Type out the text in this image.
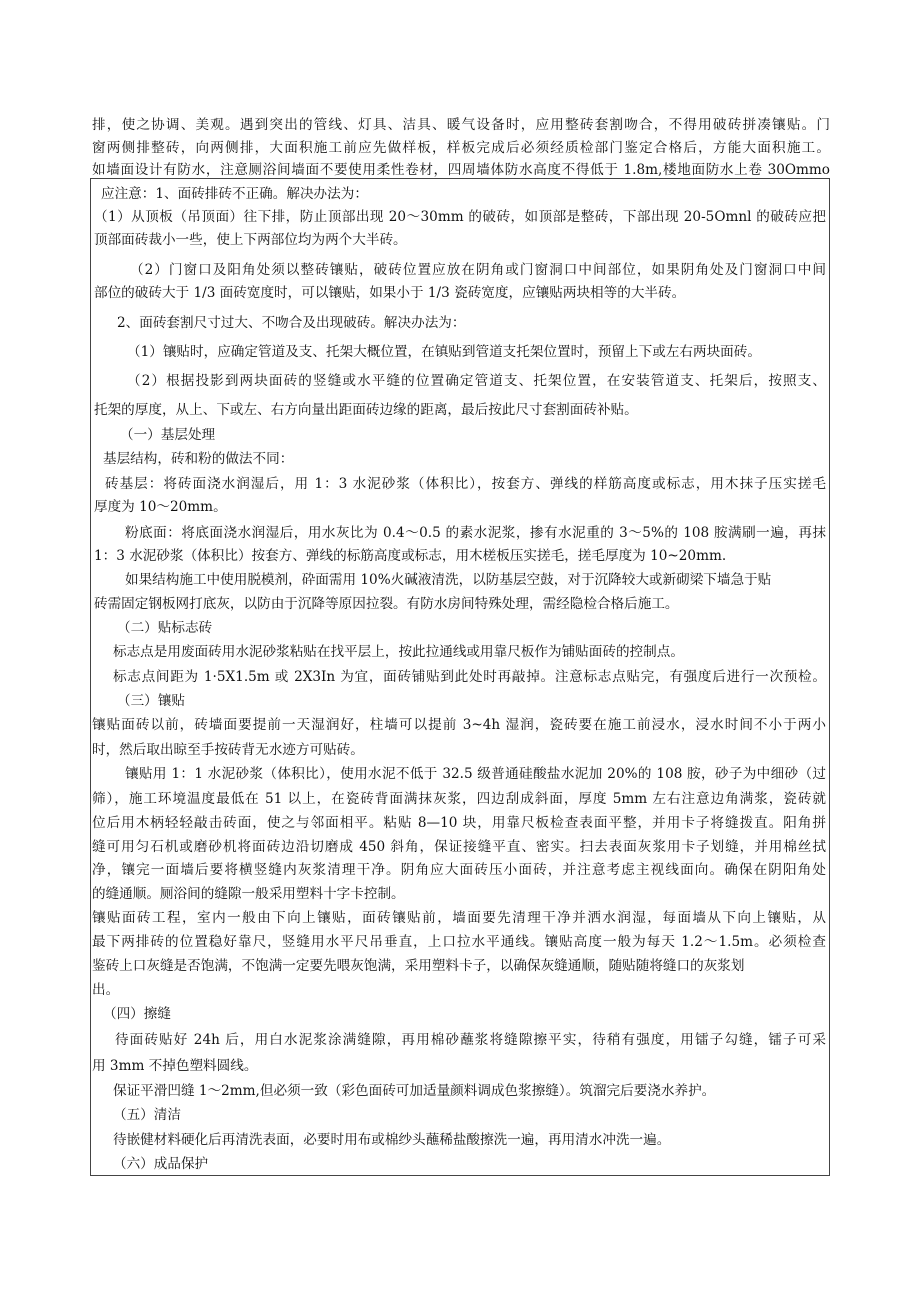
排，使之协调、美观。遇到突出的管线、灯具、洁具、暖气设备时，应用整砖套割吻合，不得用破砖拼凑镶贴。门
窗两侧排整砖，向两侧排，大面积施工前应先做样板，样板完成后必须经质检部门鉴定合格后，方能大面积施工。
如墙面设计有防水，注意厕浴间墙面不要使用柔性卷材，四周墙体防水高度不得低于 1.8m,楼地面防水上卷 30Ommo
应注意：1、面砖排砖不正确。解决办法为：
（1）从顶板（吊顶面）往下排，防止顶部出现 20～30mm 的破砖，如顶部是整砖，下部出现 20-5Omnl 的破砖应把
顶部面砖裁小一些，使上下两部位均为两个大半砖。
（2）门窗口及阳角处须以整砖镶贴，破砖位置应放在阴角或门窗洞口中间部位，如果阴角处及门窗洞口中间
部位的破砖大于 1/3 面砖宽度时，可以镶贴，如果小于 1/3 瓷砖宽度，应镶贴两块相等的大半砖。
2、面砖套割尺寸过大、不吻合及出现破砖。解决办法为：
（1）镶贴时，应确定管道及支、托架大概位置，在镇贴到管道支托架位置时，预留上下或左右两块面砖。
（2）根据投影到两块面砖的竖缝或水平缝的位置确定管道支、托架位置，在安装管道支、托架后，按照支、
托架的厚度，从上、下或左、右方向量出距面砖边缘的距离，最后按此尺寸套割面砖补贴。
（一）基层处理
基层结构，砖和粉的做法不同：
砖基层：将砖面浇水润湿后，用 1：3 水泥砂浆（体积比），按套方、弹线的样筋高度或标志，用木抹子压实搓毛
厚度为 10～20mm。
粉底面：将底面浇水润湿后，用水灰比为 0.4～0.5 的素水泥浆，掺有水泥重的 3～5%的 108 胺满刷一遍，再抹
1：3 水泥砂浆（体积比）按套方、弹线的标筋高度或标志，用木槎板压实搓毛，搓毛厚度为 10~20mm.
如果结构施工中使用脱模剂，砕面需用 10%火碱液清洗，以防基层空鼓，对于沉降较大或新砌梁下墙急于贴
砖需固定钢板网打底灰，以防由于沉降等原因拉裂。有防水房间特殊处理，需经隐检合格后施工。
（二）贴标志砖
标志点是用废面砖用水泥砂浆粘贴在找平层上，按此拉通线或用靠尺板作为铺贴面砖的控制点。
标志点间距为 1·5X1.5m 或 2X3In 为宜，面砖铺贴到此处时再敲掉。注意标志点贴完，有强度后进行一次预检。
（三）镶贴
镶贴面砖以前，砖墙面要提前一天湿润好，柱墙可以提前 3~4h 湿润，瓷砖要在施工前浸水，浸水时间不小于两小
时，然后取出晾至手按砖背无水迹方可贴砖。
镶贴用 1：1 水泥砂浆（体积比），使用水泥不低于 32.5 级普通硅酸盐水泥加 20%的 108 胺，砂子为中细砂（过
筛），施工环境温度最低在 51 以上，在瓷砖背面满抹灰浆，四边刮成斜面，厚度 5mm 左右注意边角满浆，瓷砖就
位后用木柄轻轻敲击砖面，使之与邻面相平。粘贴 8—10 块，用靠尺板检查表面平整，并用卡子将缝拨直。阳角拼
缝可用匀石机或磨砂机将面砖边沿切磨成 450 斜角，保证接缝平直、密实。扫去表面灰浆用卡子划缝，并用棉丝拭
净，镶完一面墙后要将横竖缝内灰浆清理干净。阴角应大面砖压小面砖，并注意考虑主视线面向。确保在阴阳角处
的缝通顺。厕浴间的缝隙一般采用塑料十字卡控制。
镶贴面砖工程，室内一般由下向上镶贴，面砖镶贴前，墙面要先清理干净并洒水润湿，每面墙从下向上镶贴，从
最下两排砖的位置稳好靠尺，竖缝用水平尺吊垂直，上口拉水平通线。镶贴高度一般为每天 1.2～1.5m。必须检查
鉴砖上口灰缝是否饱满，不饱满一定要先喂灰饱满，采用塑料卡子，以确保灰缝通顺，随贴随将缝口的灰浆划
出。
（四）擦缝
待面砖贴好 24h 后，用白水泥浆涂满缝隙，再用棉砂蘸浆将缝隙擦平实，待稍有强度，用镭子勾缝，镭子可采
用 3mm 不掉色塑料圆线。
保证平滑凹缝 1～2mm,但必须一致（彩色面砖可加适量颜料调成色浆擦缝）。筑溜完后要浇水养护。
（五）清洁
待嵌健材料硬化后再清洗表面，必要时用布或棉纱头蘸稀盐酸擦洗一遍，再用清水冲洗一遍。
（六）成品保护
